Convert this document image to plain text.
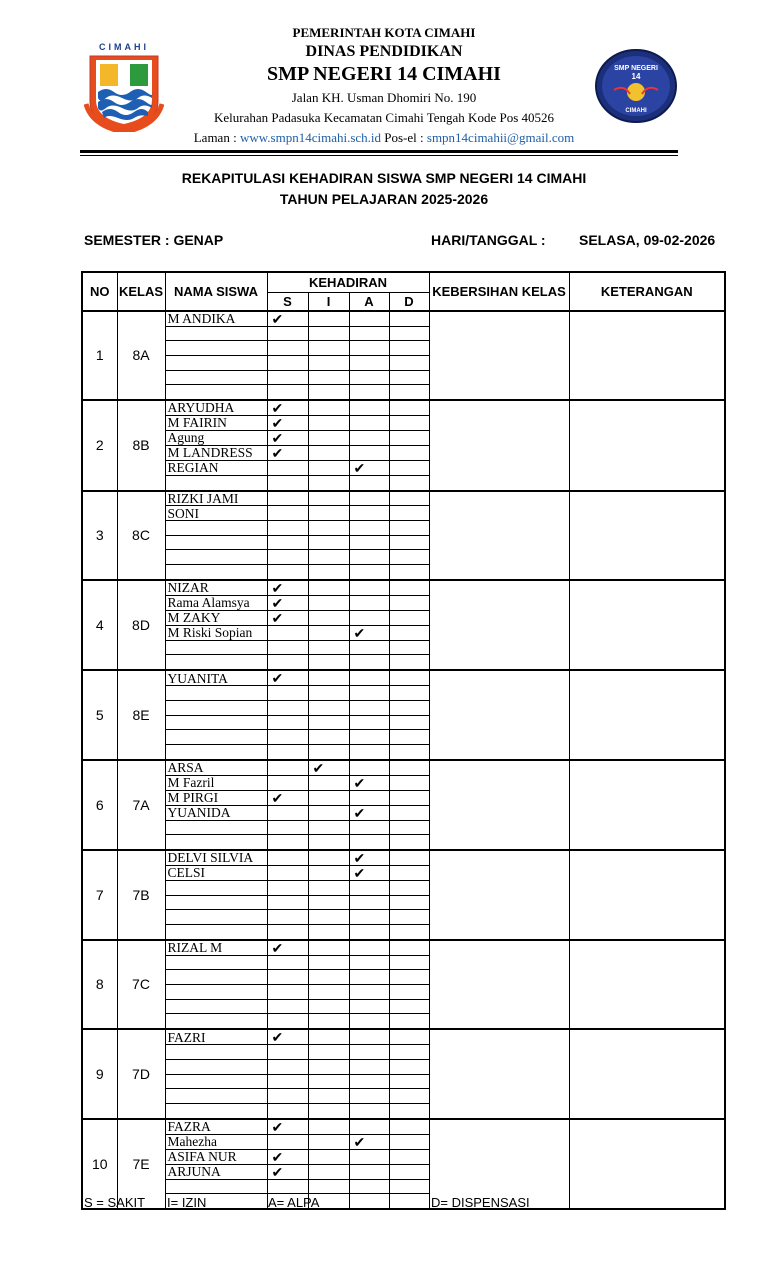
CIMAHI
SMP NEGERI
14
CIMAHI
PEMERINTAH KOTA CIMAHI
DINAS PENDIDIKAN
SMP NEGERI 14 CIMAHI
Jalan KH. Usman Dhomiri No. 190
Kelurahan Padasuka Kecamatan Cimahi Tengah Kode Pos 40526
Laman : www.smpn14cimahi.sch.id Pos-el : smpn14cimahii@gmail.com
REKAPITULASI KEHADIRAN SISWA SMP NEGERI 14 CIMAHI
TAHUN PELAJARAN 2025-2026
SEMESTER : GENAP	HARI/TANGGAL : SELASA, 09-02-2026
NO	KELAS	NAMA SISWA	KEHADIRAN				KEBERSIHAN KELAS	KETERANGAN
			S	I	A	D		
1	8A	M ANDIKA	✔					

2	8B	ARYUDHA	✔					
		M FAIRIN	✔					
		Agung	✔					
		M LANDRESS	✔					
		REGIAN			✔			

3	8C	RIZKI JAMI						
		SONI						

4	8D	NIZAR	✔					
		Rama Alamsya	✔					
		M ZAKY	✔					
		M Riski Sopian			✔			

5	8E	YUANITA	✔					

6	7A	ARSA		✔				
		M Fazril			✔			
		M PIRGI	✔					
		YUANIDA			✔			

7	7B	DELVI SILVIA			✔			
		CELSI			✔			

8	7C	RIZAL M	✔					

9	7D	FAZRI	✔					

10	7E	FAZRA	✔					
		Mahezha			✔			
		ASIFA NUR	✔					
		ARJUNA	✔					

S = SAKIT I= IZIN	A= ALPA	D= DISPENSASI
